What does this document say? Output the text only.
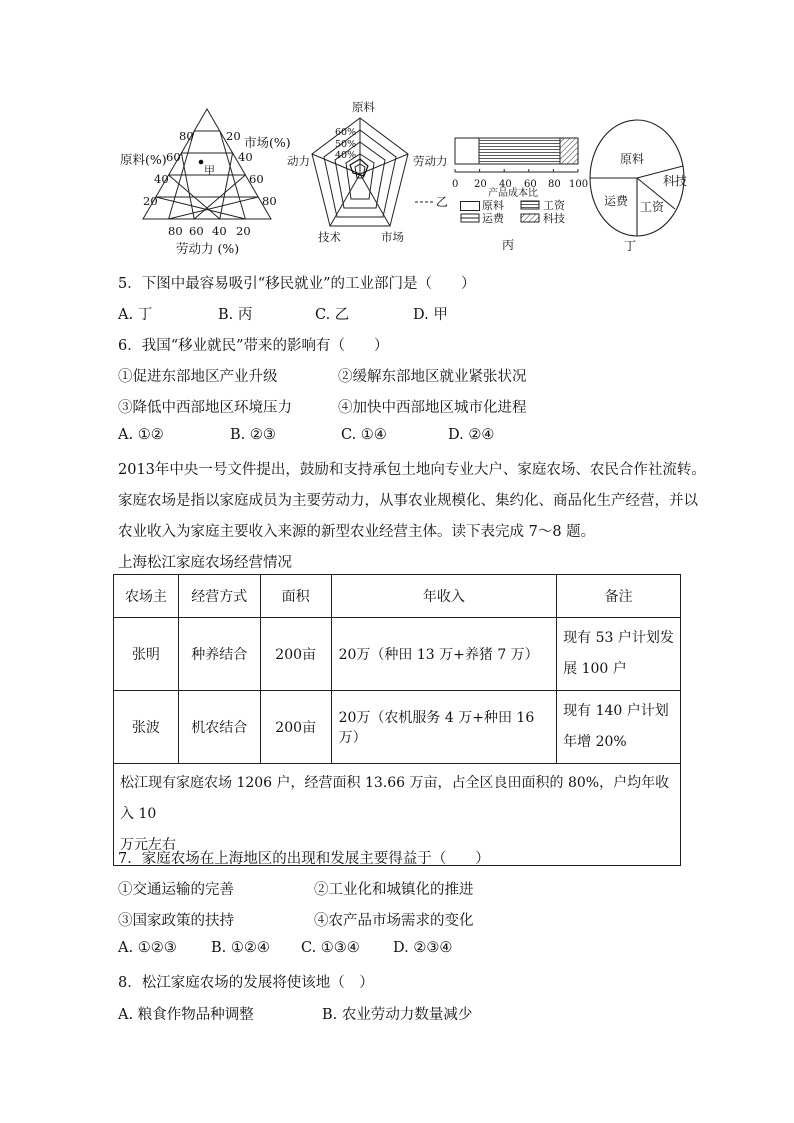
80
60
40
20
20
40
60
80
80 60 40 20
原料(%)
市场(%)
劳动力 (%)
甲
原料
动力	劳动力
技术	市场
60%
50%
40%
乙
0 20 40 60 80 100
产品成本比
原料	工资
运费	科技
丙
原料
科技
工资
运费
丁
5．下图中最容易吸引“移民就业”的工业部门是（　　）
A. 丁	B. 丙	C. 乙	D. 甲
6．我国“移业就民”带来的影响有（　　）
①促进东部地区产业升级	②缓解东部地区就业紧张状况
③降低中西部地区环境压力	④加快中西部地区城市化进程
A. ①②	B. ②③	C. ①④	D. ②④
2013年中央一号文件提出，鼓励和支持承包土地向专业大户、家庭农场、农民合作社流转。
家庭农场是指以家庭成员为主要劳动力，从事农业规模化、集约化、商品化生产经营，并以
农业收入为家庭主要收入来源的新型农业经营主体。读下表完成 7～8 题。
上海松江家庭农场经营情况
农场主	经营方式	面积	年收入	备注
张明	种养结合	200亩	20万（种田 13 万+养猪 7 万）	现有 53 户计划发
展 100 户

张波	机农结合	200亩	20万（农机服务 4 万+种田 16 万）	现有 140 户计划
年增 20%

松江现有家庭农场 1206 户，经营面积 13.66 万亩，占全区良田面积的 80%，户均年收入 10
万元左右				
7．家庭农场在上海地区的出现和发展主要得益于（　　）
①交通运输的完善	②工业化和城镇化的推进
③国家政策的扶持	④农产品市场需求的变化
A. ①②③ B. ①②④ C. ①③④ D. ②③④
8．松江家庭农场的发展将使该地（　）
A. 粮食作物品种调整	B. 农业劳动力数量减少
